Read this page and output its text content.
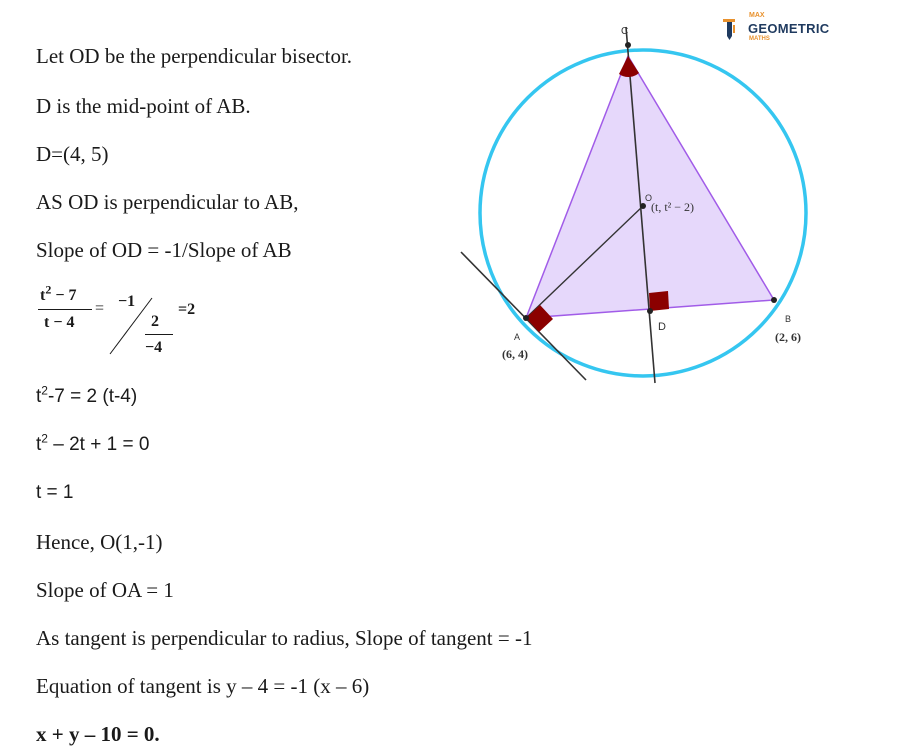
Let OD be the perpendicular bisector.
D is the mid-point of AB.
D=(4, 5)
AS OD is perpendicular to AB,
Slope of OD = -1/Slope of AB
$t^2 - 7$
t − 4
= −1
2
−4
=2
$t^2-7 = 2$ (t-4)
$t^2 - 2t + 1 = 0$
t = 1
Hence, O(1,-1)
Slope of OA = 1
As tangent is perpendicular to radius, Slope of tangent = -1
Equation of tangent is y – 4 = -1 (x – 6)
x + y – 10 = 0.
C
O
(t, t² − 2)
D
A
(6, 4)
B
(2, 6)
MAX
GEOMETRIC
MATHS
